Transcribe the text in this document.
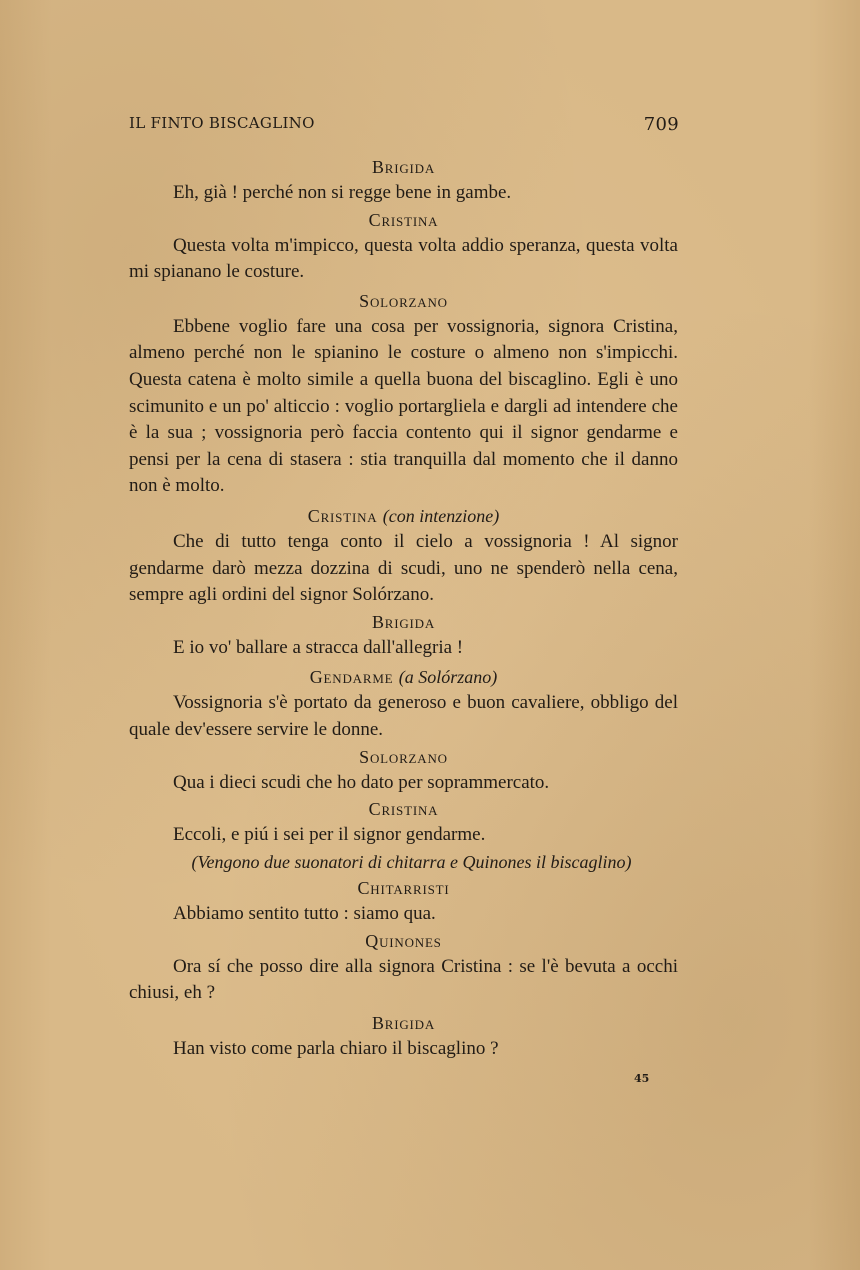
IL FINTO BISCAGLINO	709

Brigida

Eh, già ! perché non si regge bene in gambe.

Cristina

Questa volta m'impicco, questa volta addio speranza, questa volta mi spianano le costure.

Solorzano

Ebbene voglio fare una cosa per vossignoria, signora Cristina, almeno perché non le spianino le costure o almeno non s'impicchi. Questa catena è molto simile a quella buona del biscaglino. Egli è uno scimunito e un po' alticcio : voglio portargliela e dargli ad intendere che è la sua ; vossignoria però faccia contento qui il signor gendarme e pensi per la cena di stasera : stia tranquilla dal momento che il danno non è molto.

Cristina (con intenzione)

Che di tutto tenga conto il cielo a vossignoria ! Al signor gendarme darò mezza dozzina di scudi, uno ne spenderò nella cena, sempre agli ordini del signor Solórzano.

Brigida

E io vo' ballare a stracca dall'allegria !

Gendarme (a Solórzano)

Vossignoria s'è portato da generoso e buon cavaliere, obbligo del quale dev'essere servire le donne.

Solorzano

Qua i dieci scudi che ho dato per soprammercato.

Cristina

Eccoli, e piú i sei per il signor gendarme.

(Vengono due suonatori di chitarra e Quinones il biscaglino)

Chitarristi

Abbiamo sentito tutto : siamo qua.

Quinones

Ora sí che posso dire alla signora Cristina : se l'è bevuta a occhi chiusi, eh ?

Brigida

Han visto come parla chiaro il biscaglino ?

45
